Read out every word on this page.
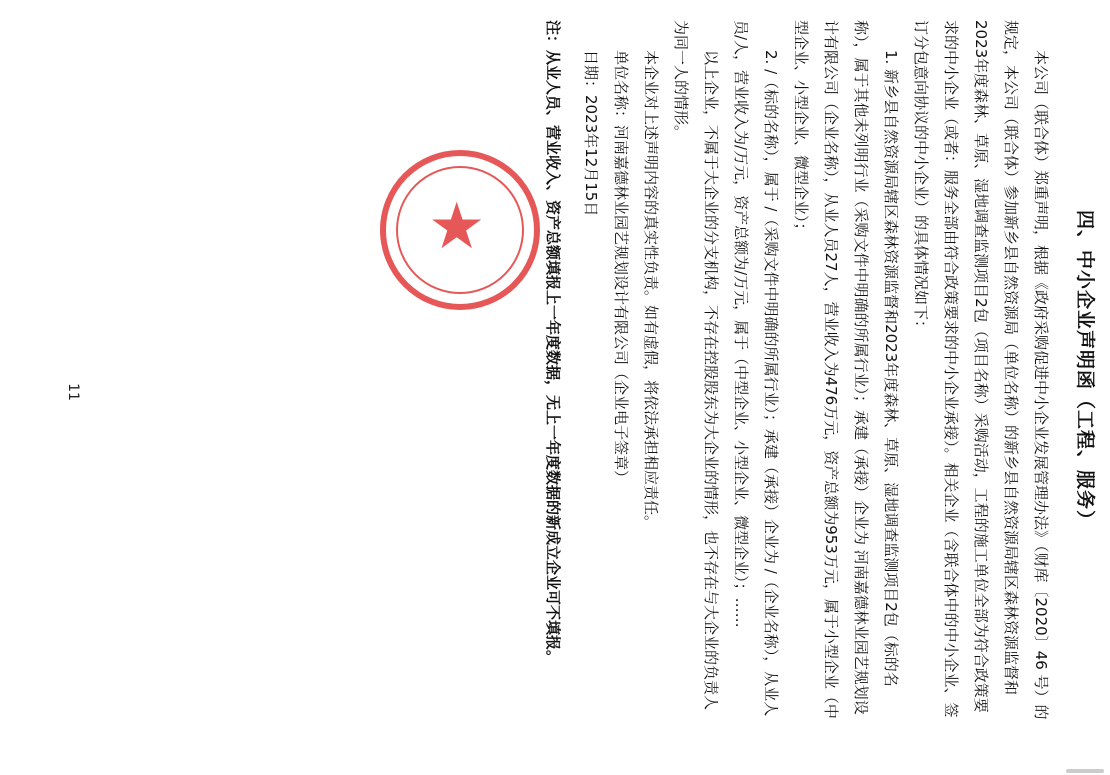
四、中小企业声明函（工程、服务）

本公司（联合体）郑重声明，根据《政府采购促进中小企业发展管理办法》（财库〔2020〕46 号）的规定，本公司（联合体）参加新乡县自然资源局（单位名称）的新乡县自然资源局辖区森林资源监督和2023年度森林、草原、湿地调查监测项目2包（项目名称）采购活动，工程的施工单位全部为符合政策要求的中小企业（或者：服务全部由符合政策要求的中小企业承接）。相关企业（含联合体中的中小企业、签订分包意向协议的中小企业）的具体情况如下：

1. 新乡县自然资源局辖区森林资源监督和2023年度森林、草原、湿地调查监测项目2包（标的名称），属于其他未列明行业（采购文件中明确的所属行业）；承建（承接）企业为 河南嘉德林业园艺规划设计有限公司（企业名称），从业人员27人，营业收入为476万元，资产总额为953万元，属于小型企业（中型企业、小型企业、微型企业）；

2. /（标的名称），属于 /（采购文件中明确的所属行业）；承建（承接）企业为 /（企业名称），从业人员/人，营业收入为/万元，资产总额为/万元，属于（中型企业、小型企业、微型企业）；……

以上企业，不属于大企业的分支机构，不存在控股股东为大企业的情形，也不存在与大企业的负责人为同一人的情形。

本企业对上述声明内容的真实性负责。如有虚假，将依法承担相应责任。

单位名称：河南嘉德林业园艺规划设计有限公司（企业电子签章）

日期：2023年12月15日

注：从业人员、营业收入、资产总额填报上一年度数据，无上一年度数据的新成立企业可不填报。

★
11
